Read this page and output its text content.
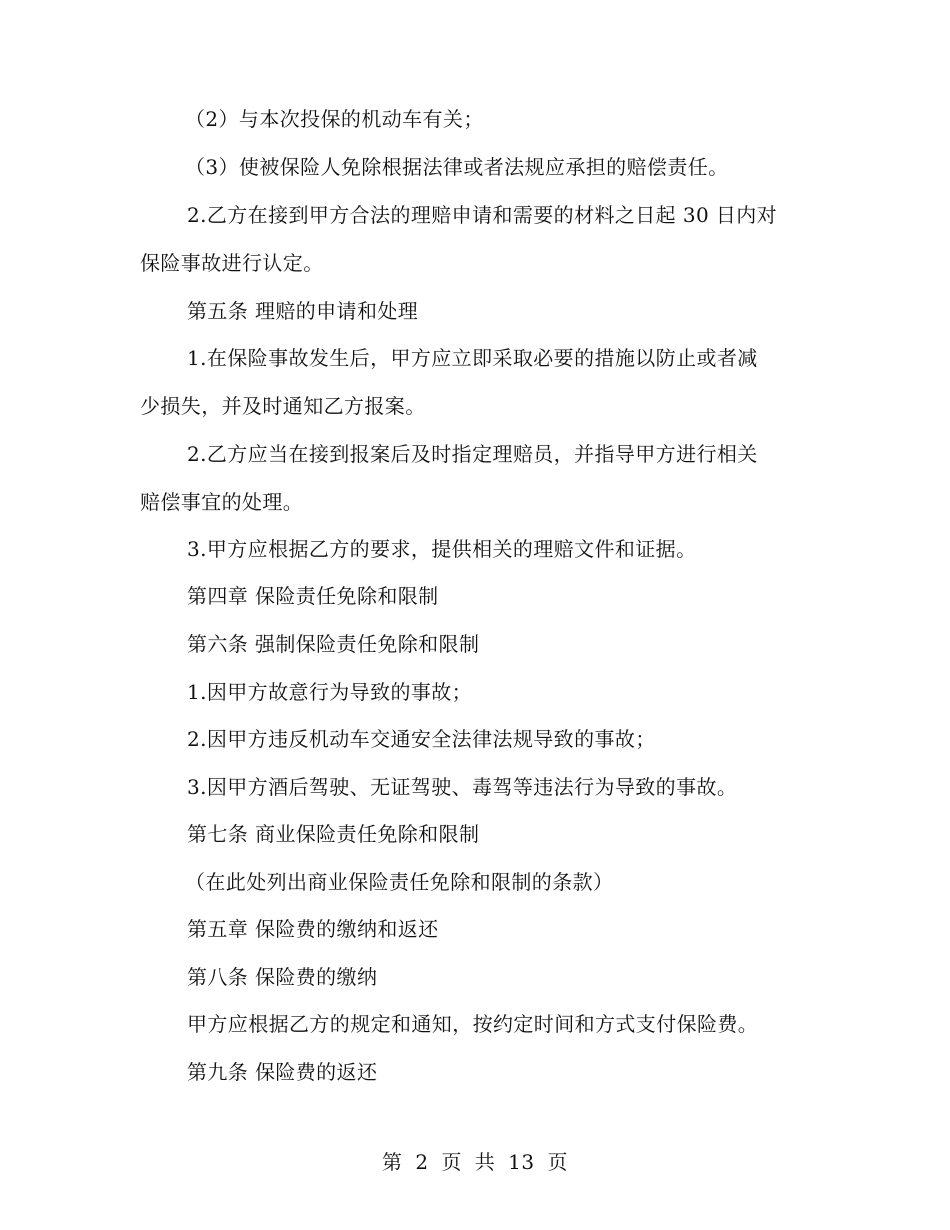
（2）与本次投保的机动车有关；
（3）使被保险人免除根据法律或者法规应承担的赔偿责任。
2.乙方在接到甲方合法的理赔申请和需要的材料之日起 30 日内对
保险事故进行认定。
第五条 理赔的申请和处理
1.在保险事故发生后，甲方应立即采取必要的措施以防止或者减
少损失，并及时通知乙方报案。
2.乙方应当在接到报案后及时指定理赔员，并指导甲方进行相关
赔偿事宜的处理。
3.甲方应根据乙方的要求，提供相关的理赔文件和证据。
第四章 保险责任免除和限制
第六条 强制保险责任免除和限制
1.因甲方故意行为导致的事故；
2.因甲方违反机动车交通安全法律法规导致的事故；
3.因甲方酒后驾驶、无证驾驶、毒驾等违法行为导致的事故。
第七条 商业保险责任免除和限制
（在此处列出商业保险责任免除和限制的条款）
第五章 保险费的缴纳和返还
第八条 保险费的缴纳
甲方应根据乙方的规定和通知，按约定时间和方式支付保险费。
第九条 保险费的返还
第 2 页 共 13 页
